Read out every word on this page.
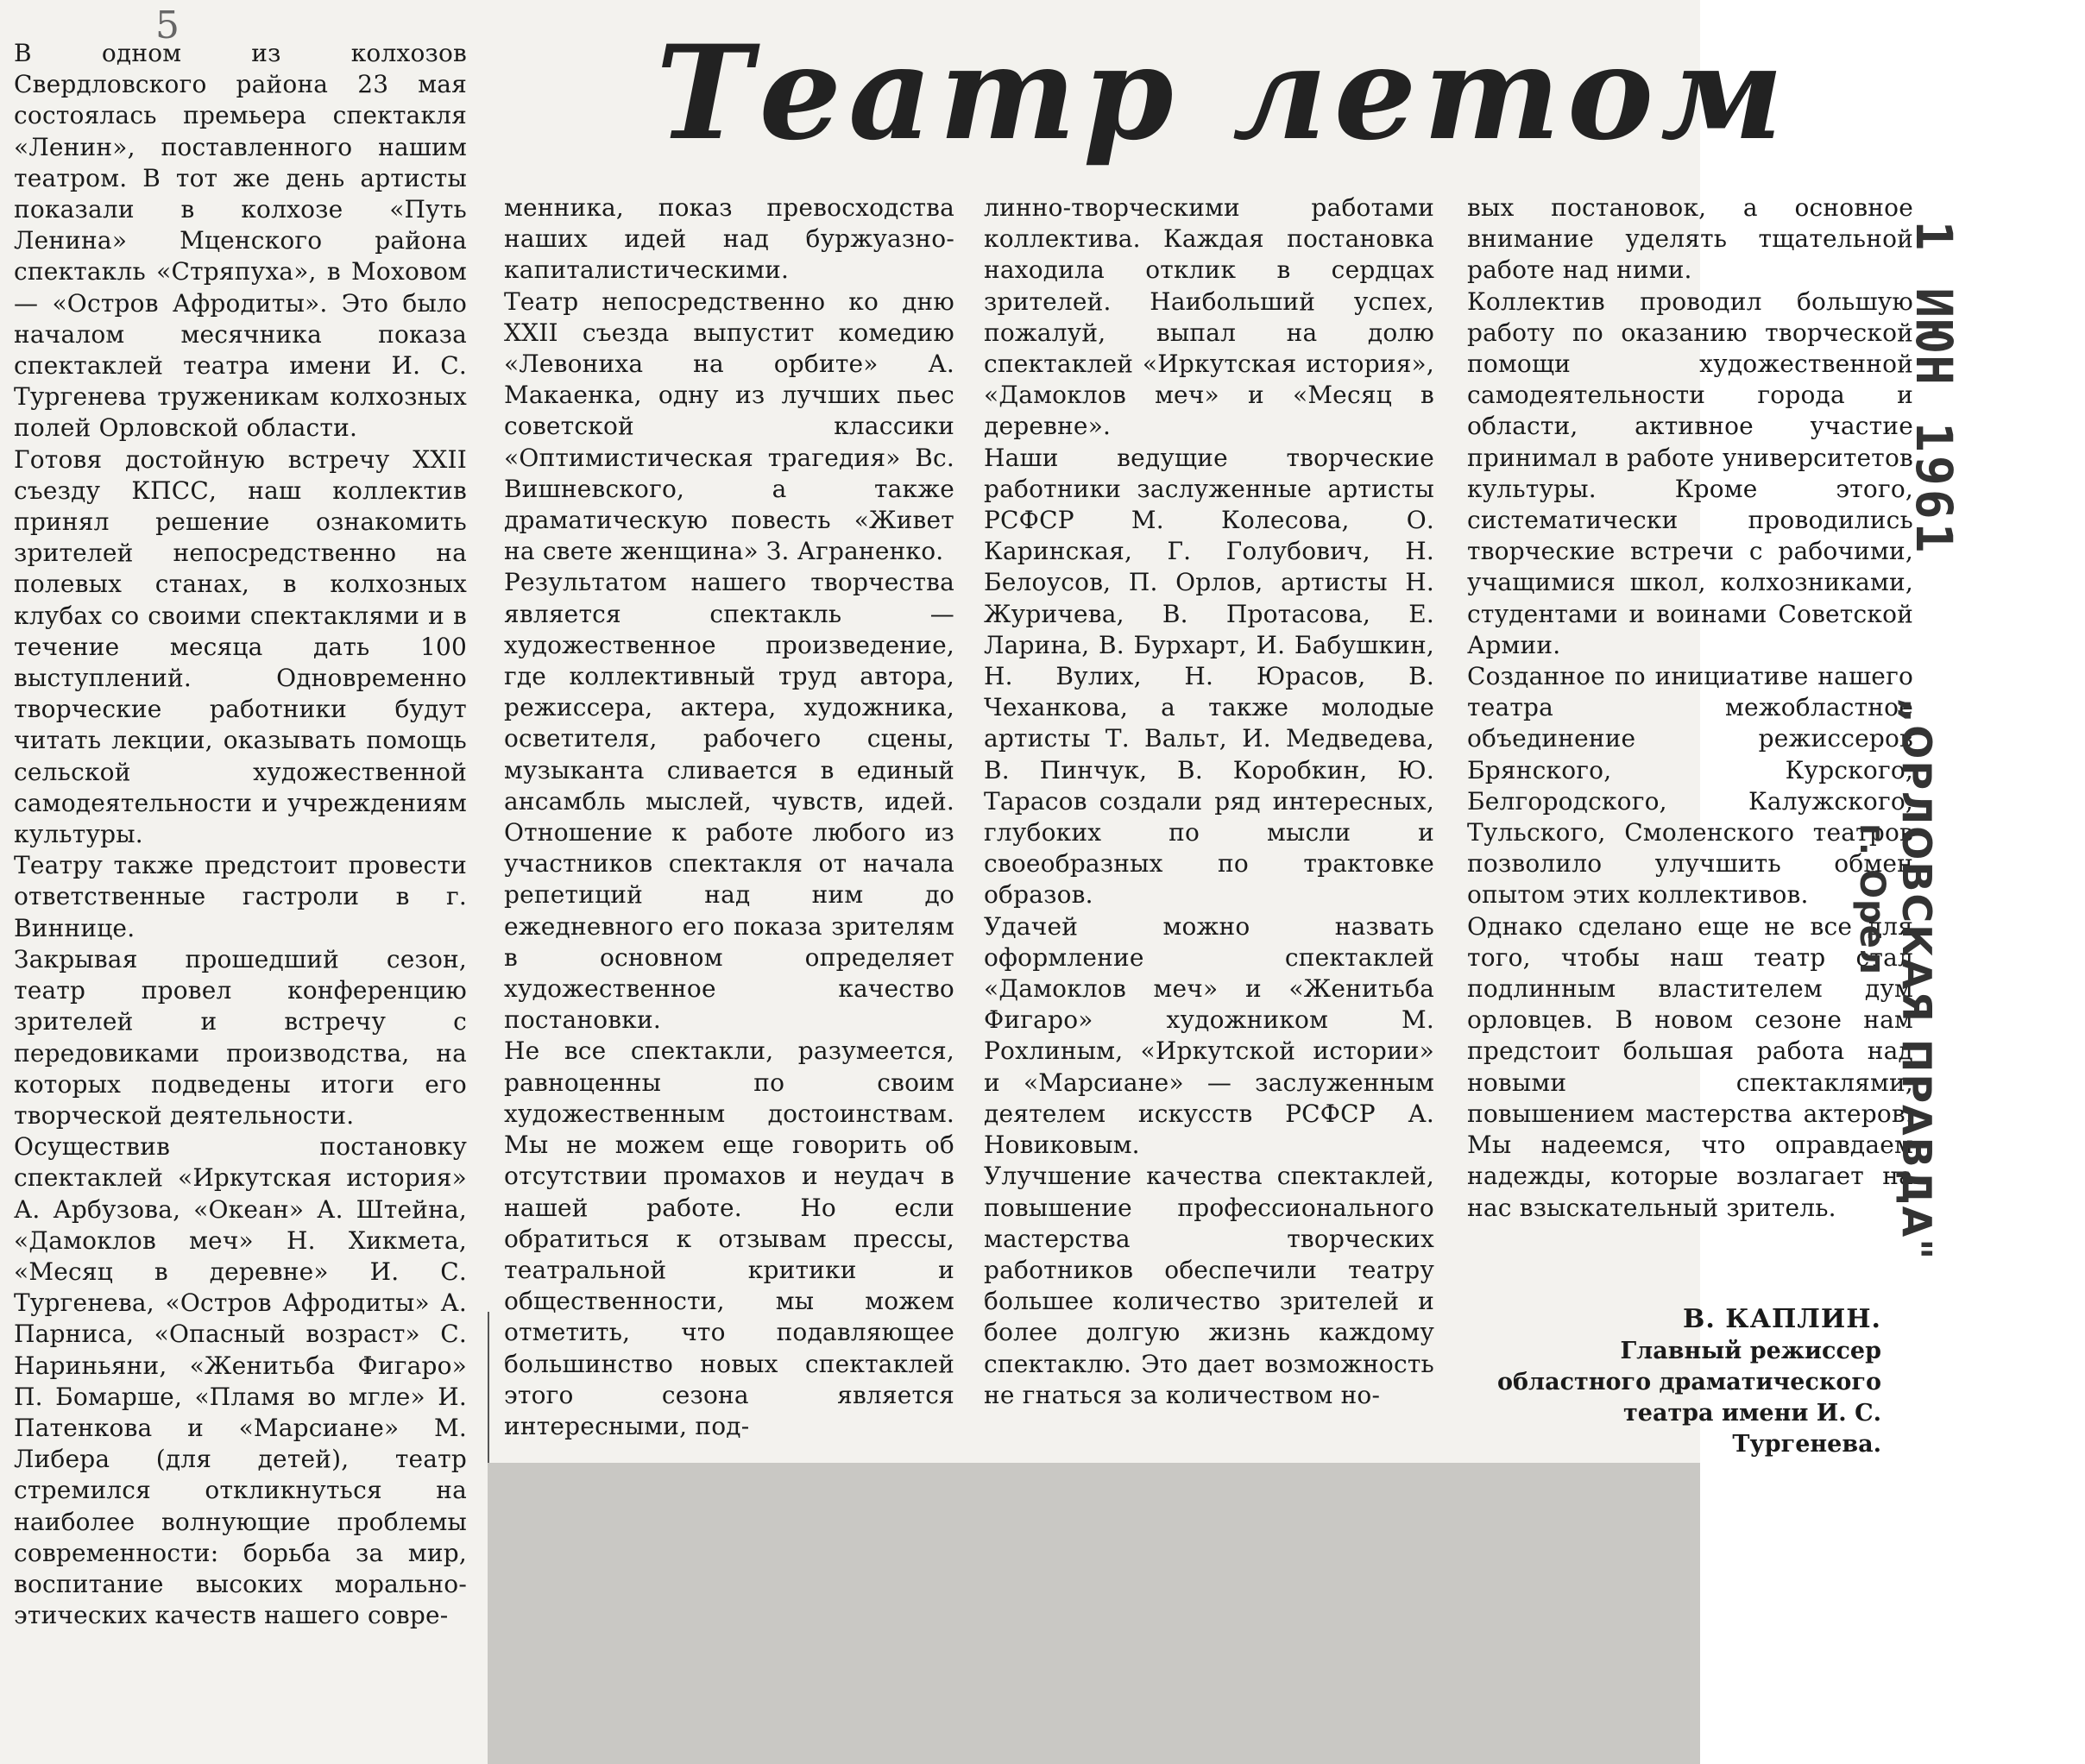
5	Театр летом
В одном из колхозов Свердловского района 23 мая состоялась премьера спектакля «Ленин», поставленного нашим театром. В тот же день артисты показали в колхозе «Путь Ленина» Мценского района спектакль «Стряпуха», в Моховом — «Остров Афродиты». Это было началом месячника показа спектаклей театра имени И. С. Тургенева труженикам колхозных полей Орловской области.
Готовя достойную встречу XXII съезду КПСС, наш коллектив принял решение ознакомить зрителей непосредственно на полевых станах, в колхозных клубах со своими спектаклями и в течение месяца дать 100 выступлений. Одновременно творческие работники будут читать лекции, оказывать помощь сельской художественной самодеятельности и учреждениям культуры.
Театру также предстоит провести ответственные гастроли в г. Виннице.
Закрывая прошедший сезон, театр провел конференцию зрителей и встречу с передовиками производства, на которых подведены итоги его творческой деятельности.
Осуществив постановку спектаклей «Иркутская история» А. Арбузова, «Океан» А. Штейна, «Дамоклов меч» Н. Хикмета, «Месяц в деревне» И. С. Тургенева, «Остров Афродиты» А. Парниса, «Опасный возраст» С. Нариньяни, «Женитьба Фигаро» П. Бомарше, «Пламя во мгле» И. Патенкова и «Марсиане» М. Либера (для детей), театр стремился откликнуться на наиболее волнующие проблемы современности: борьба за мир, воспитание высоких морально-этических качеств нашего совре-
менника, показ превосходства наших идей над буржуазно-капиталистическими.
Театр непосредственно ко дню XXII съезда выпустит комедию «Левониха на орбите» А. Макаенка, одну из лучших пьес советской классики «Оптимистическая трагедия» Вс. Вишневского, а также драматическую повесть «Живет на свете женщина» З. Аграненко.
Результатом нашего творчества является спектакль — художественное произведение, где коллективный труд автора, режиссера, актера, художника, осветителя, рабочего сцены, музыканта сливается в единый ансамбль мыслей, чувств, идей. Отношение к работе любого из участников спектакля от начала репетиций над ним до ежедневного его показа зрителям в основном определяет художественное качество постановки.
Не все спектакли, разумеется, равноценны по своим художественным достоинствам. Мы не можем еще говорить об отсутствии промахов и неудач в нашей работе. Но если обратиться к отзывам прессы, театральной критики и общественности, мы можем отметить, что подавляющее большинство новых спектаклей этого сезона является интересными, под-
линно-творческими работами коллектива. Каждая постановка находила отклик в сердцах зрителей. Наибольший успех, пожалуй, выпал на долю спектаклей «Иркутская история», «Дамоклов меч» и «Месяц в деревне».
Наши ведущие творческие работники заслуженные артисты РСФСР М. Колесова, О. Каринская, Г. Голубович, Н. Белоусов, П. Орлов, артисты Н. Журичева, В. Протасова, Е. Ларина, В. Бурхарт, И. Бабушкин, Н. Вулих, Н. Юрасов, В. Чеханкова, а также молодые артисты Т. Вальт, И. Медведева, В. Пинчук, В. Коробкин, Ю. Тарасов создали ряд интересных, глубоких по мысли и своеобразных по трактовке образов.
Удачей можно назвать оформление спектаклей «Дамоклов меч» и «Женитьба Фигаро» художником М. Рохлиным, «Иркутской истории» и «Марсиане» — заслуженным деятелем искусств РСФСР А. Новиковым.
Улучшение качества спектаклей, повышение профессионального мастерства творческих работников обеспечили театру большее количество зрителей и более долгую жизнь каждому спектаклю. Это дает возможность не гнаться за количеством но-
вых постановок, а основное внимание уделять тщательной работе над ними.
Коллектив проводил большую работу по оказанию творческой помощи художественной самодеятельности города и области, активное участие принимал в работе университетов культуры. Кроме этого, систематически проводились творческие встречи с рабочими, учащимися школ, колхозниками, студентами и воинами Советской Армии.
Созданное по инициативе нашего театра межобластное объединение режиссеров Брянского, Курского, Белгородского, Калужского, Тульского, Смоленского театров позволило улучшить обмен опытом этих коллективов.
Однако сделано еще не все для того, чтобы наш театр стал подлинным властителем дум орловцев. В новом сезоне нам предстоит большая работа над новыми спектаклями, повышением мастерства актеров. Мы надеемся, что оправдаем надежды, которые возлагает на нас взыскательный зритель.
В. КАПЛИН.
Главный режиссер областного драматического театра имени И. С. Тургенева.
1 ИЮН 1961
„ОРЛОВСКАЯ ПРАВДА"
г. Орел
